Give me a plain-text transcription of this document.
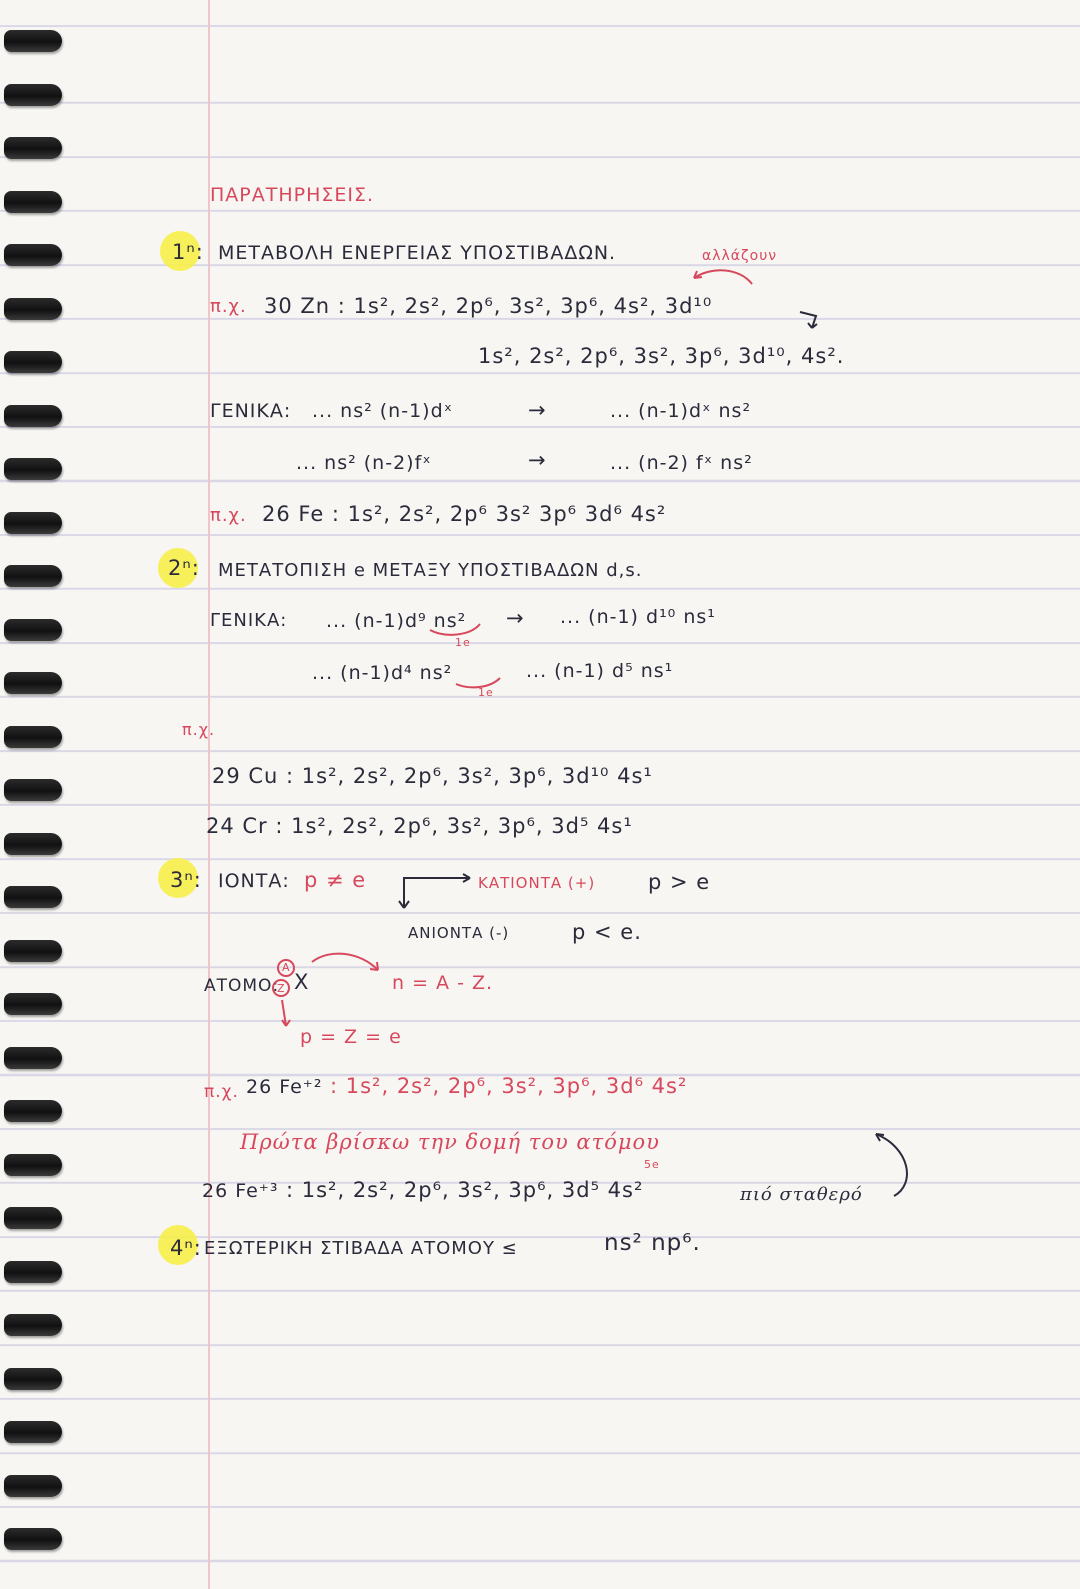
ΠΑΡΑΤΗΡΗΣΕΙΣ.
1ⁿ: ΜΕΤΑΒΟΛΗ ΕΝΕΡΓΕΙΑΣ ΥΠΟΣΤΙΒΑΔΩΝ.	αλλάζουν
π.χ. 30 Zn : 1s², 2s², 2p⁶, 3s², 3p⁶, 4s², 3d¹⁰
1s², 2s², 2p⁶, 3s², 3p⁶, 3d¹⁰, 4s².
ΓΕΝΙΚΑ: ... ns² (n-1)dˣ	→	... (n-1)dˣ ns²
... ns² (n-2)fˣ	→	... (n-2) fˣ ns²
π.χ. 26 Fe : 1s², 2s², 2p⁶ 3s² 3p⁶ 3d⁶ 4s²
2ⁿ: ΜΕΤΑΤΟΠΙΣΗ e ΜΕΤΑΞΥ ΥΠΟΣΤΙΒΑΔΩΝ d,s.
ΓΕΝΙΚΑ: ... (n-1)d⁹ ns² → ... (n-1) d¹⁰ ns¹
1e
... (n-1)d⁴ ns²	... (n-1) d⁵ ns¹
1e
π.χ.
29 Cu : 1s², 2s², 2p⁶, 3s², 3p⁶, 3d¹⁰ 4s¹
24 Cr : 1s², 2s², 2p⁶, 3s², 3p⁶, 3d⁵ 4s¹
3ⁿ: ΙΟΝΤΑ: p ≠ e	ΚΑΤΙΟΝΤΑ (+)	p > e
ΑΝΙΟΝΤΑ (-)	p < e.
ΑΤΟΜΟ:
A
Z X	n = A - Z.
p = Z = e
π.χ. 26 Fe⁺² : 1s², 2s², 2p⁶, 3s², 3p⁶, 3d⁶ 4s²
Πρώτα βρίσκω την δομή του ατόμου
26 Fe⁺³ : 1s², 2s², 2p⁶, 3s², 3p⁶, 3d⁵ 4s²
5e
πιό σταθερό
4ⁿ: ΕΞΩΤΕΡΙΚΗ ΣΤΙΒΑΔΑ ΑΤΟΜΟΥ ≤	ns² np⁶.
